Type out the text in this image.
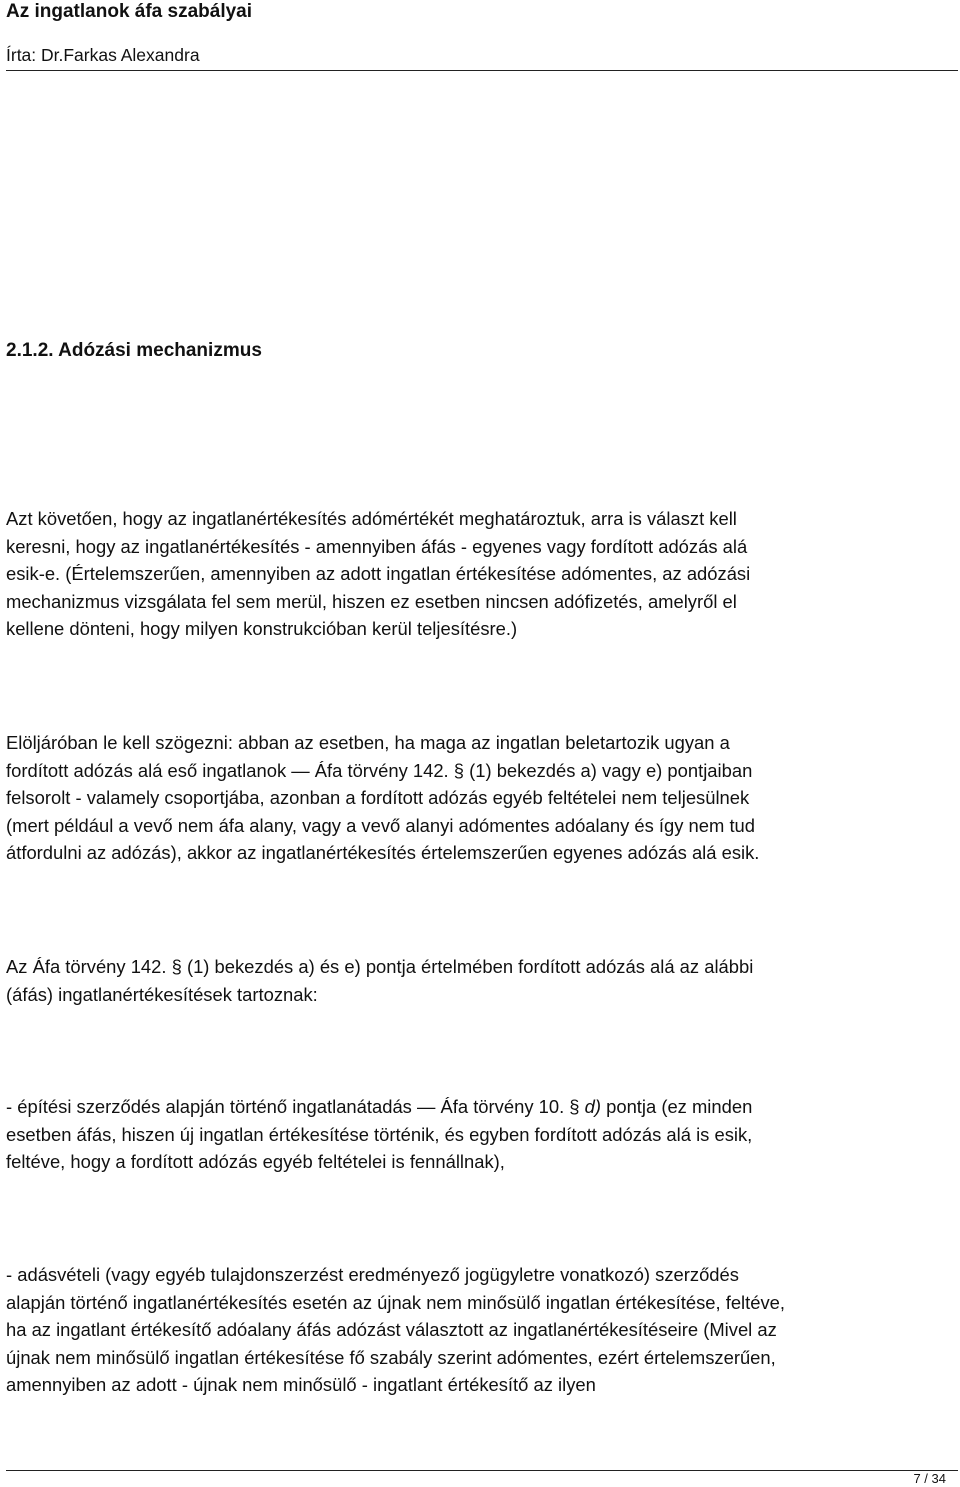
Az ingatlanok áfa szabályai
Írta: Dr.Farkas Alexandra
2.1.2. Adózási mechanizmus

Azt követően, hogy az ingatlanértékesítés adómértékét meghatároztuk, arra is választ kell
keresni, hogy az ingatlanértékesítés - amennyiben áfás - egyenes vagy fordított adózás alá
esik-e. (Értelemszerűen, amennyiben az adott ingatlan értékesítése adómentes, az adózási
mechanizmus vizsgálata fel sem merül, hiszen ez esetben nincsen adófizetés, amelyről el
kellene dönteni, hogy milyen konstrukcióban kerül teljesítésre.)

Elöljáróban le kell szögezni: abban az esetben, ha maga az ingatlan beletartozik ugyan a
fordított adózás alá eső ingatlanok ― Áfa törvény 142. § (1) bekezdés a) vagy e) pontjaiban
felsorolt - valamely csoportjába, azonban a fordított adózás egyéb feltételei nem teljesülnek
(mert például a vevő nem áfa alany, vagy a vevő alanyi adómentes adóalany és így nem tud
átfordulni az adózás), akkor az ingatlanértékesítés értelemszerűen egyenes adózás alá esik.

Az Áfa törvény 142. § (1) bekezdés a) és e) pontja értelmében fordított adózás alá az alábbi
(áfás) ingatlanértékesítések tartoznak:

- építési szerződés alapján történő ingatlanátadás ― Áfa törvény 10. § d) pontja (ez minden
esetben áfás, hiszen új ingatlan értékesítése történik, és egyben fordított adózás alá is esik,
feltéve, hogy a fordított adózás egyéb feltételei is fennállnak),

- adásvételi (vagy egyéb tulajdonszerzést eredményező jogügyletre vonatkozó) szerződés
alapján történő ingatlanértékesítés esetén az újnak nem minősülő ingatlan értékesítése, feltéve,
ha az ingatlant értékesítő adóalany áfás adózást választott az ingatlanértékesítéseire (Mivel az
újnak nem minősülő ingatlan értékesítése fő szabály szerint adómentes, ezért értelemszerűen,
amennyiben az adott - újnak nem minősülő - ingatlant értékesítő az ilyen

7 / 34
